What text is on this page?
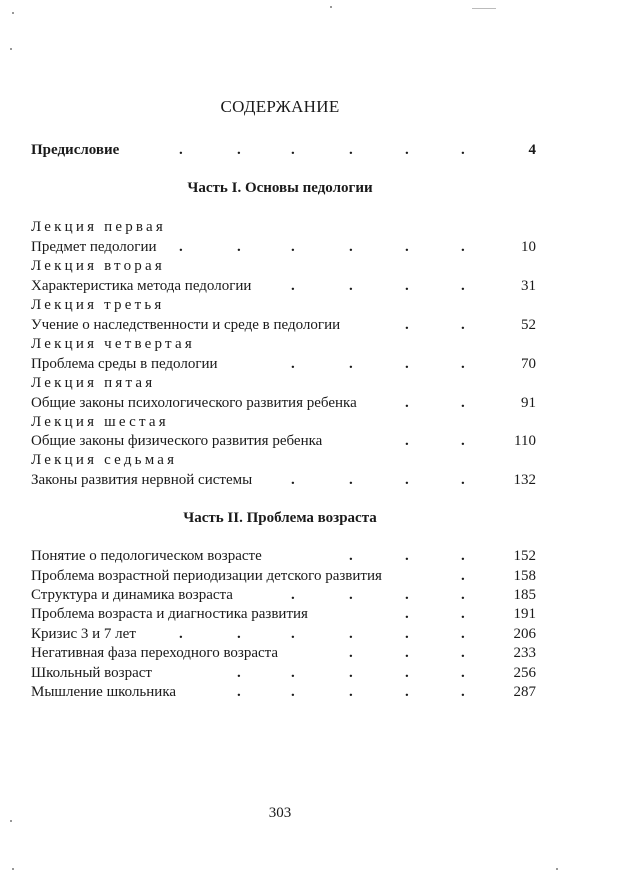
СОДЕРЖАНИЕ
Предисловие	.	.	.	.	.	.	4
Часть I. Основы педологии
Лекция первая
Предмет педологии .	.	.	.	.	.	10
Лекция вторая
Характеристика метода педологии	.	.	.	.	31
Лекция третья
Учение о наследственности и среде в педологии	.	.	52
Лекция четвертая
Проблема среды в педологии	.	.	.	.	70
Лекция пятая
Общие законы психологического развития ребенка	.	.	91
Лекция шестая
Общие законы физического развития ребенка	.	.	110
Лекция седьмая
Законы развития нервной системы	.	.	.	.	132
Часть II. Проблема возраста
Понятие о педологическом возрасте	.	.	.	152
Проблема возрастной периодизации детского развития	.	158
Структура и динамика возраста	.	.	.	.	185
Проблема возраста и диагностика развития	.	.	191
Кризис 3 и 7 лет	.	.	.	.	.	.	206
Негативная фаза переходного возраста	.	.	.	233
Школьный возраст	.	.	.	.	.	256
Мышление школьника	.	.	.	.	.	287
303
